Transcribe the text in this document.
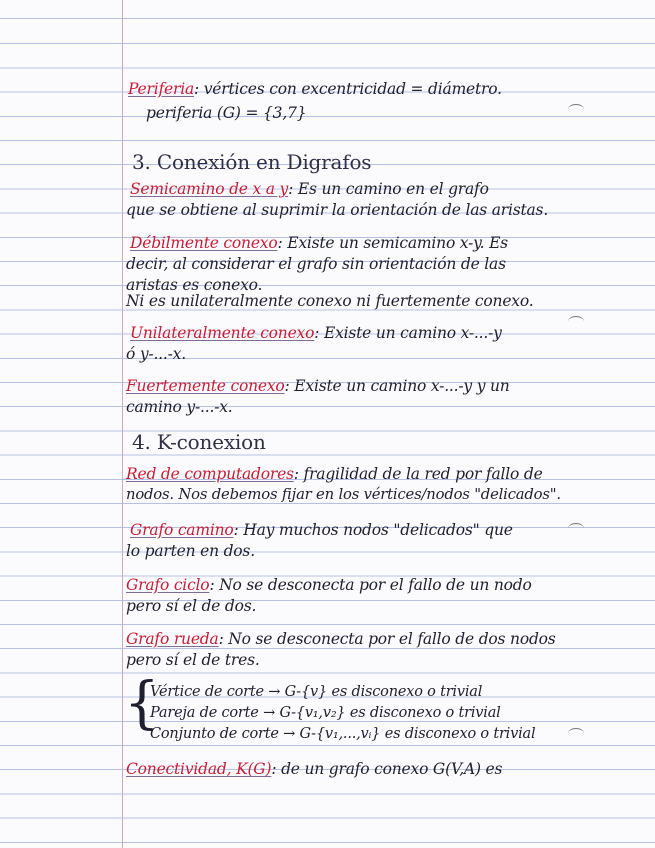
Periferia: vértices con excentricidad = diámetro.
periferia (G) = {3,7}
3. Conexión en Digrafos
Semicamino de x a y: Es un camino en el grafo
que se obtiene al suprimir la orientación de las aristas.
Débilmente conexo: Existe un semicamino x-y. Es
decir, al considerar el grafo sin orientación de las
aristas es conexo.
Ni es unilateralmente conexo ni fuertemente conexo.
Unilateralmente conexo: Existe un camino x-...-y
ó y-...-x.
Fuertemente conexo: Existe un camino x-...-y y un
camino y-...-x.
4. K-conexion
Red de computadores: fragilidad de la red por fallo de
nodos. Nos debemos fijar en los vértices/nodos "delicados".
Grafo camino: Hay muchos nodos "delicados" que
lo parten en dos.
Grafo ciclo: No se desconecta por el fallo de un nodo
pero sí el de dos.
Grafo rueda: No se desconecta por el fallo de dos nodos
pero sí el de tres.
{
Vértice de corte → G-{v} es disconexo o trivial
Pareja de corte → G-{v₁,v₂} es disconexo o trivial
Conjunto de corte → G-{v₁,...,vᵢ} es disconexo o trivial
Conectividad, K(G): de un grafo conexo G(V,A) es
